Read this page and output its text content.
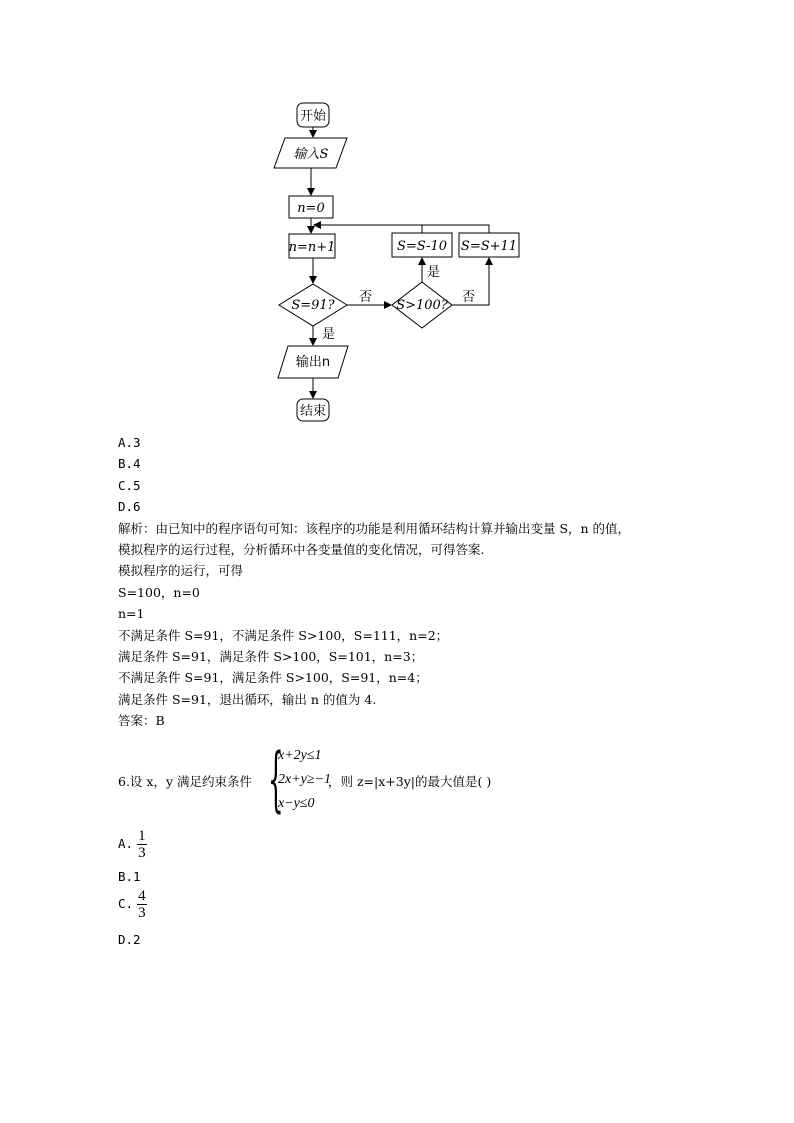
开始
输入S
n=0
n=n+1
S=91?	S>100?
S=S-10 S=S+11
输出n
结束
是
否	否
是
A.3
B.4
C.5
D.6
解析：由已知中的程序语句可知：该程序的功能是利用循环结构计算并输出变量 S，n 的值，
模拟程序的运行过程，分析循环中各变量值的变化情况，可得答案.
模拟程序的运行，可得
S=100，n=0
n=1
不满足条件 S=91，不满足条件 S>100，S=111，n=2；
满足条件 S=91，满足条件 S>100，S=101，n=3；
不满足条件 S=91，满足条件 S>100，S=91，n=4；
满足条件 S=91，退出循环，输出 n 的值为 4.
答案：B
6.设 x，y 满足约束条件 {
x+2y≤1
2x+y≥−1
x−y≤0
，则 z=|x+3y|的最大值是( )
A. $\frac{1}{3}$
B.1
C. $\frac{4}{3}$
D.2
